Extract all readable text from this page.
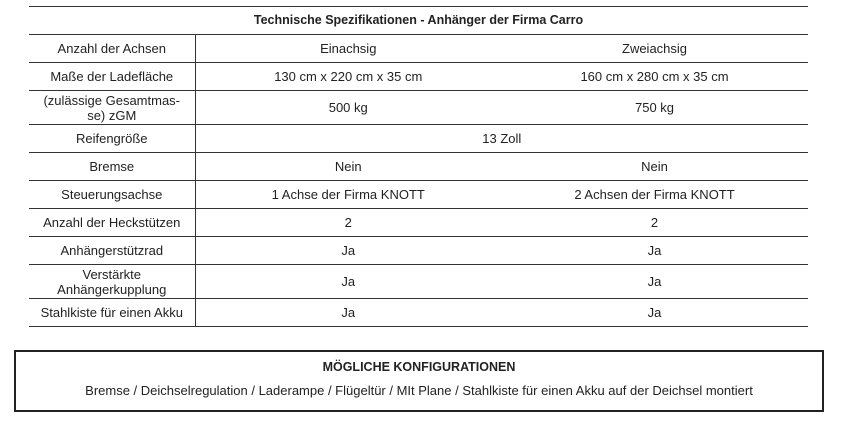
Technische Spezifikationen - Anhänger der Firma Carro		
Anzahl der Achsen	Einachsig	Zweiachsig
Maße der Ladefläche	130 cm x 220 cm x 35 cm	160 cm x 280 cm x 35 cm
(zulässige Gesamtmas-se) zGM	500 kg	750 kg
Reifengröße	13 Zoll	
Bremse	Nein	Nein
Steuerungsachse	1 Achse der Firma KNOTT	2 Achsen der Firma KNOTT
Anzahl der Heckstützen	2	2
Anhängerstützrad	Ja	Ja
Verstärkte Anhängerkupplung	Ja	Ja
Stahlkiste für einen Akku	Ja	Ja
MÖGLICHE KONFIGURATIONEN
Bremse / Deichselregulation / Laderampe / Flügeltür / MIt Plane / Stahlkiste für einen Akku auf der Deichsel montiert
